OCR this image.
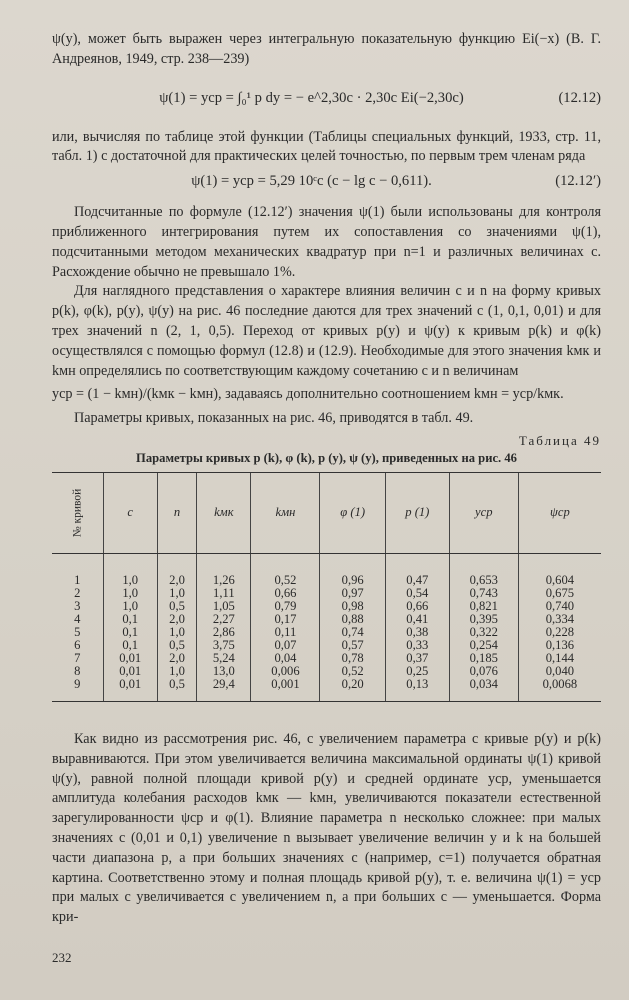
ψ(y), может быть выражен через интегральную показательную функцию Ei(−x) (В. Г. Андреянов, 1949, стр. 238—239)

ψ(1) = yср = ∫₀¹ p dy = − e^2,30c · 2,30c Ei(−2,30c)	(12.12)

или, вычисляя по таблице этой функции (Таблицы специальных функций, 1933, стр. 11, табл. 1) с достаточной для практических целей точностью, по первым трем членам ряда

ψ(1) = yср = 5,29 10ᶜc (c − lg c − 0,611).	(12.12′)

Подсчитанные по формуле (12.12′) значения ψ(1) были использованы для контроля приближенного интегрирования путем их сопоставления со значениями ψ(1), подсчитанными методом механических квадратур при n=1 и различных величинах c. Расхождение обычно не превышало 1%.

Для наглядного представления о характере влияния величин c и n на форму кривых p(k), φ(k), p(y), ψ(y) на рис. 46 последние даются для трех значений c (1, 0,1, 0,01) и для трех значений n (2, 1, 0,5). Переход от кривых p(y) и ψ(y) к кривым p(k) и φ(k) осуществлялся с помощью формул (12.8) и (12.9). Необходимые для этого значения kмк и kмн определялись по соответствующим каждому сочетанию c и n величинам

yср = (1 − kмн)/(kмк − kмн), задаваясь дополнительно соотношением kмн = yср/kмк.

Параметры кривых, показанных на рис. 46, приводятся в табл. 49.

Таблица 49
Параметры кривых p (k), φ (k), p (y), ψ (y), приведенных на рис. 46
№ кривой	c	n	kмк	kмн	φ (1)	p (1)	yср	ψср

1	1,0	2,0	1,26	0,52	0,96	0,47	0,653	0,604
2	1,0	1,0	1,11	0,66	0,97	0,54	0,743	0,675
3	1,0	0,5	1,05	0,79	0,98	0,66	0,821	0,740
4	0,1	2,0	2,27	0,17	0,88	0,41	0,395	0,334
5	0,1	1,0	2,86	0,11	0,74	0,38	0,322	0,228
6	0,1	0,5	3,75	0,07	0,57	0,33	0,254	0,136
7	0,01	2,0	5,24	0,04	0,78	0,37	0,185	0,144
8	0,01	1,0	13,0	0,006	0,52	0,25	0,076	0,040
9	0,01	0,5	29,4	0,001	0,20	0,13	0,034	0,0068

Как видно из рассмотрения рис. 46, с увеличением параметра c кривые p(y) и p(k) выравниваются. При этом увеличивается величина максимальной ординаты ψ(1) кривой ψ(y), равной полной площади кривой p(y) и средней ординате yср, уменьшается амплитуда колебания расходов kмк — kмн, увеличиваются показатели естественной зарегулированности ψср и φ(1). Влияние параметра n несколько сложнее: при малых значениях c (0,01 и 0,1) увеличение n вызывает увеличение величин y и k на большей части диапазона p, а при больших значениях c (например, c=1) получается обратная картина. Соответственно этому и полная площадь кривой p(y), т. е. величина ψ(1) = yср при малых c увеличивается с увеличением n, а при больших c — уменьшается. Форма кри-

232
